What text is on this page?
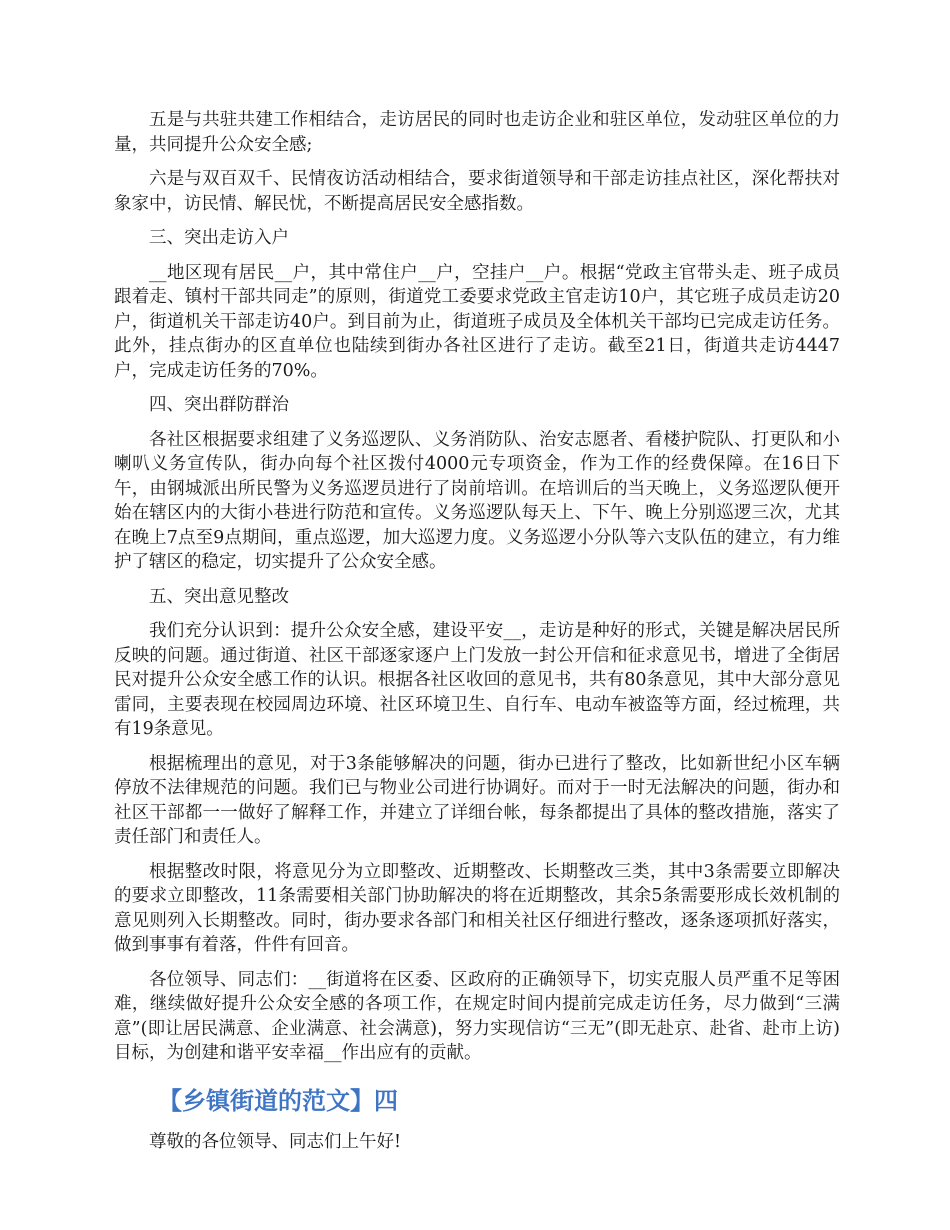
五是与共驻共建工作相结合，走访居民的同时也走访企业和驻区单位，发动驻区单位的力量，共同提升公众安全感;

六是与双百双千、民情夜访活动相结合，要求街道领导和干部走访挂点社区，深化帮扶对象家中，访民情、解民忧，不断提高居民安全感指数。

三、突出走访入户

__地区现有居民__户，其中常住户__户，空挂户__户。根据“党政主官带头走、班子成员跟着走、镇村干部共同走”的原则，街道党工委要求党政主官走访10户，其它班子成员走访20户，街道机关干部走访40户。到目前为止，街道班子成员及全体机关干部均已完成走访任务。此外，挂点街办的区直单位也陆续到街办各社区进行了走访。截至21日，街道共走访4447户，完成走访任务的70%。

四、突出群防群治

各社区根据要求组建了义务巡逻队、义务消防队、治安志愿者、看楼护院队、打更队和小喇叭义务宣传队，街办向每个社区拨付4000元专项资金，作为工作的经费保障。在16日下午，由钢城派出所民警为义务巡逻员进行了岗前培训。在培训后的当天晚上，义务巡逻队便开始在辖区内的大街小巷进行防范和宣传。义务巡逻队每天上、下午、晚上分别巡逻三次，尤其在晚上7点至9点期间，重点巡逻，加大巡逻力度。义务巡逻小分队等六支队伍的建立，有力维护了辖区的稳定，切实提升了公众安全感。

五、突出意见整改

我们充分认识到：提升公众安全感，建设平安__，走访是种好的形式，关键是解决居民所反映的问题。通过街道、社区干部逐家逐户上门发放一封公开信和征求意见书，增进了全街居民对提升公众安全感工作的认识。根据各社区收回的意见书，共有80条意见，其中大部分意见雷同，主要表现在校园周边环境、社区环境卫生、自行车、电动车被盗等方面，经过梳理，共有19条意见。

根据梳理出的意见，对于3条能够解决的问题，街办已进行了整改，比如新世纪小区车辆停放不法律规范的问题。我们已与物业公司进行协调好。而对于一时无法解决的问题，街办和社区干部都一一做好了解释工作，并建立了详细台帐，每条都提出了具体的整改措施，落实了责任部门和责任人。

根据整改时限，将意见分为立即整改、近期整改、长期整改三类，其中3条需要立即解决的要求立即整改，11条需要相关部门协助解决的将在近期整改，其余5条需要形成长效机制的意见则列入长期整改。同时，街办要求各部门和相关社区仔细进行整改，逐条逐项抓好落实，做到事事有着落，件件有回音。

各位领导、同志们：__街道将在区委、区政府的正确领导下，切实克服人员严重不足等困难，继续做好提升公众安全感的各项工作，在规定时间内提前完成走访任务，尽力做到“三满意”(即让居民满意、企业满意、社会满意)，努力实现信访“三无”(即无赴京、赴省、赴市上访)目标，为创建和谐平安幸福__作出应有的贡献。

【乡镇街道的范文】四

尊敬的各位领导、同志们上午好!
